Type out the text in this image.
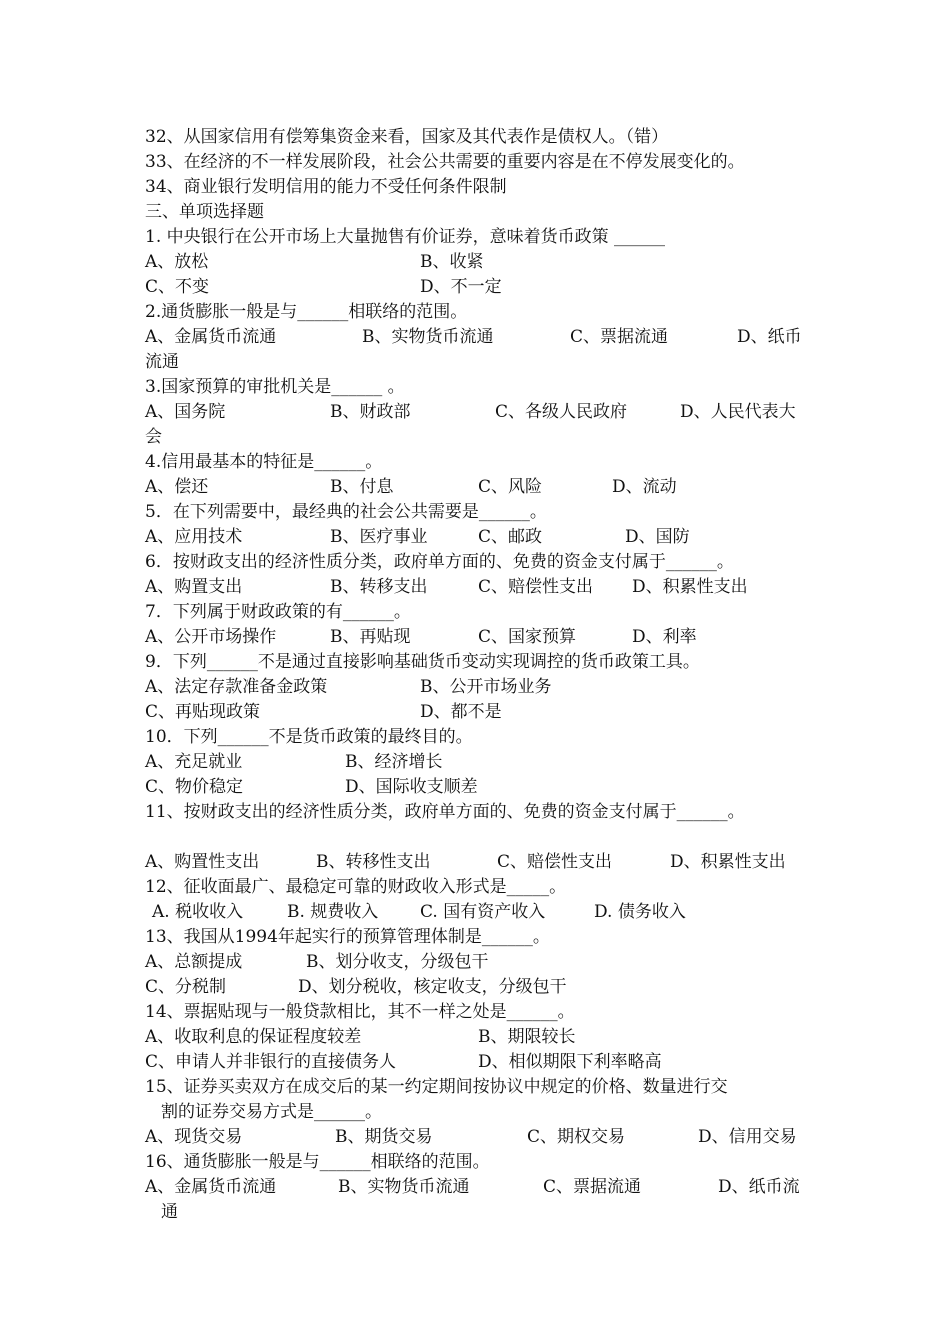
32、从国家信用有偿筹集资金来看，国家及其代表作是债权人。（错）
33、在经济的不一样发展阶段，社会公共需要的重要内容是在不停发展变化的。
34、商业银行发明信用的能力不受任何条件限制
三、单项选择题
1. 中央银行在公开市场上大量抛售有价证券，意味着货币政策 ______
A、放松	B、收紧
C、不变	D、不一定
2.通货膨胀一般是与______相联络的范围。
A、金属货币流通	B、实物货币流通	C、票据流通	D、纸币
流通
3.国家预算的审批机关是______ 。
A、国务院	B、财政部	C、各级人民政府	D、人民代表大
会
4.信用最基本的特征是______。
A、偿还	B、付息	C、风险	D、流动
5．在下列需要中，最经典的社会公共需要是______。
A、应用技术	B、医疗事业	C、邮政	D、国防
6．按财政支出的经济性质分类，政府单方面的、免费的资金支付属于______。
A、购置支出	B、转移支出	C、赔偿性支出 D、积累性支出
7．下列属于财政政策的有______。
A、公开市场操作	B、再贴现	C、国家预算	D、利率
9．下列______不是通过直接影响基础货币变动实现调控的货币政策工具。
A、法定存款准备金政策	B、公开市场业务
C、再贴现政策	D、都不是
10．下列______不是货币政策的最终目的。
A、充足就业	B、经济增长
C、物价稳定	D、国际收支顺差
11、按财政支出的经济性质分类，政府单方面的、免费的资金支付属于______。
A、购置性支出	B、转移性支出	C、赔偿性支出	D、积累性支出
12、征收面最广、最稳定可靠的财政收入形式是_____。
A. 税收收入	B. 规费收入 C. 国有资产收入	D. 债务收入
13、我国从1994年起实行的预算管理体制是______。
A、总额提成	B、划分收支，分级包干
C、分税制	D、划分税收，核定收支，分级包干
14、票据贴现与一般贷款相比，其不一样之处是______。
A、收取利息的保证程度较差	B、期限较长
C、申请人并非银行的直接债务人	D、相似期限下利率略高
15、证券买卖双方在成交后的某一约定期间按协议中规定的价格、数量进行交
割的证券交易方式是______。
A、现货交易	B、期货交易	C、期权交易	D、信用交易
16、通货膨胀一般是与______相联络的范围。
A、金属货币流通	B、实物货币流通	C、票据流通	D、纸币流
通
